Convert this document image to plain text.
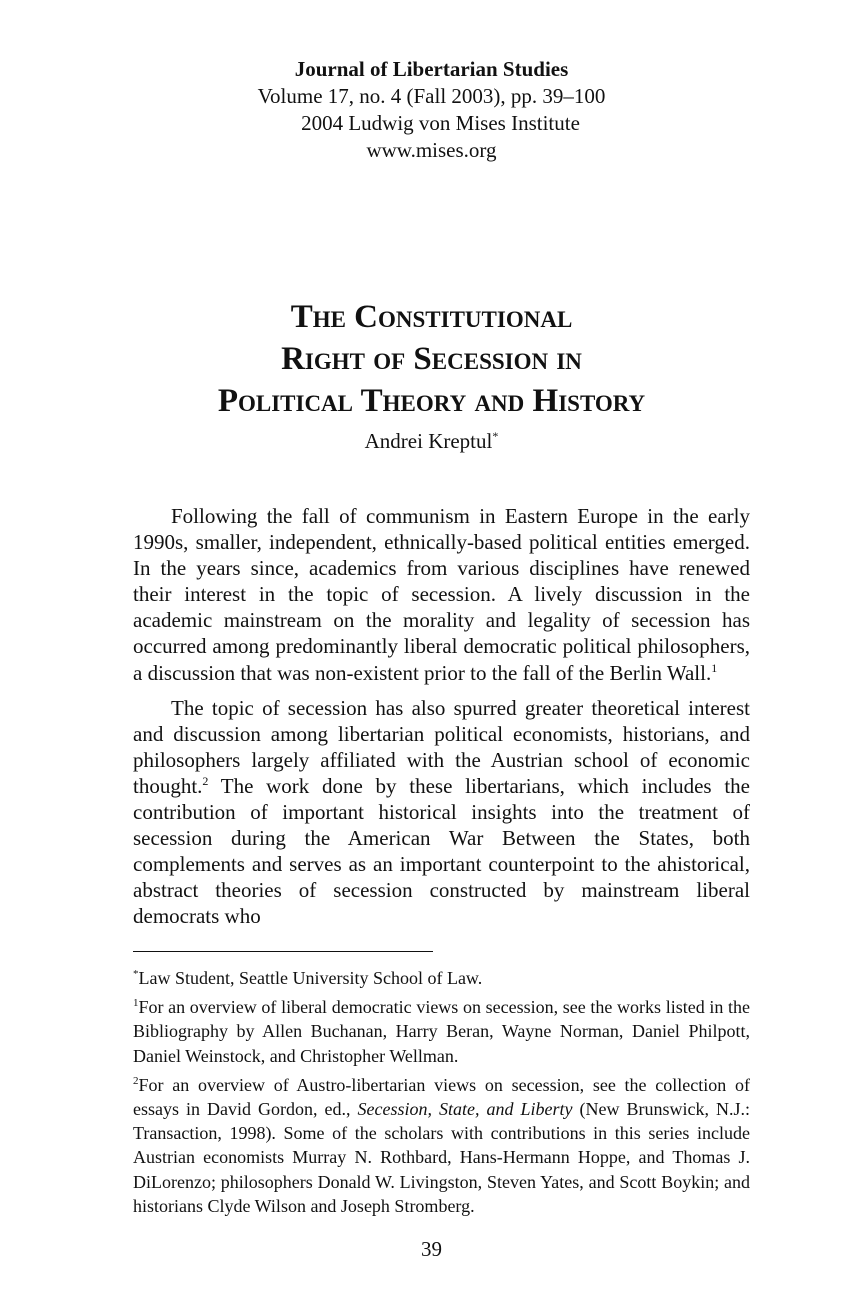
Journal of Libertarian Studies
Volume 17, no. 4 (Fall 2003), pp. 39–100
2004 Ludwig von Mises Institute
www.mises.org
The Constitutional
Right of Secession in
Political Theory and History
Andrei Kreptul*

Following the fall of communism in Eastern Europe in the early 1990s, smaller, independent, ethnically-based political entities emerged. In the years since, academics from various disciplines have renewed their interest in the topic of secession. A lively discussion in the academic mainstream on the morality and legality of secession has occurred among predominantly liberal democratic political philosophers, a discussion that was non-existent prior to the fall of the Berlin Wall.$^1$

The topic of secession has also spurred greater theoretical interest and discussion among libertarian political economists, historians, and philosophers largely affiliated with the Austrian school of economic thought.$^2$ The work done by these libertarians, which includes the contribution of important historical insights into the treatment of secession during the American War Between the States, both complements and serves as an important counterpoint to the ahistorical, abstract theories of secession constructed by mainstream liberal democrats who

*Law Student, Seattle University School of Law.

$^1$For an overview of liberal democratic views on secession, see the works listed in the Bibliography by Allen Buchanan, Harry Beran, Wayne Norman, Daniel Philpott, Daniel Weinstock, and Christopher Wellman.

$^2$For an overview of Austro-libertarian views on secession, see the collection of essays in David Gordon, ed., Secession, State, and Liberty (New Brunswick, N.J.: Transaction, 1998). Some of the scholars with contributions in this series include Austrian economists Murray N. Rothbard, Hans-Hermann Hoppe, and Thomas J. DiLorenzo; philosophers Donald W. Livingston, Steven Yates, and Scott Boykin; and historians Clyde Wilson and Joseph Stromberg.

39
